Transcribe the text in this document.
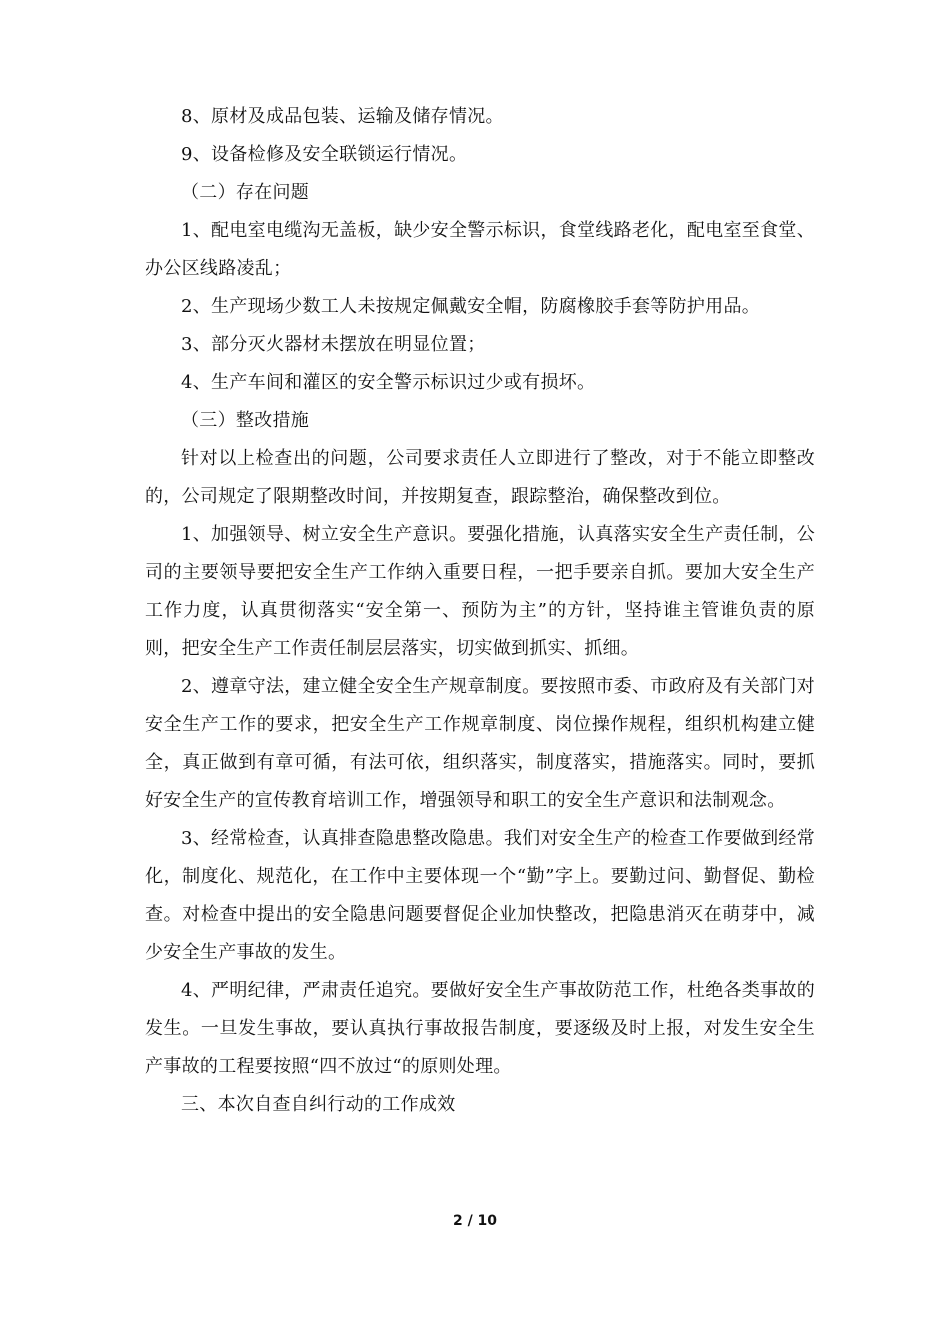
8、原材及成品包装、运输及储存情况。

9、设备检修及安全联锁运行情况。

（二）存在问题

1、配电室电缆沟无盖板，缺少安全警示标识，食堂线路老化，配电室至食堂、办公区线路凌乱；

2、生产现场少数工人未按规定佩戴安全帽，防腐橡胶手套等防护用品。

3、部分灭火器材未摆放在明显位置；

4、生产车间和灌区的安全警示标识过少或有损坏。

（三）整改措施

针对以上检查出的问题，公司要求责任人立即进行了整改，对于不能立即整改的，公司规定了限期整改时间，并按期复查，跟踪整治，确保整改到位。

1、加强领导、树立安全生产意识。要强化措施，认真落实安全生产责任制，公司的主要领导要把安全生产工作纳入重要日程，一把手要亲自抓。要加大安全生产工作力度，认真贯彻落实“安全第一、预防为主”的方针，坚持谁主管谁负责的原则，把安全生产工作责任制层层落实，切实做到抓实、抓细。

2、遵章守法，建立健全安全生产规章制度。要按照市委、市政府及有关部门对安全生产工作的要求，把安全生产工作规章制度、岗位操作规程，组织机构建立健全，真正做到有章可循，有法可依，组织落实，制度落实，措施落实。同时，要抓好安全生产的宣传教育培训工作，增强领导和职工的安全生产意识和法制观念。

3、经常检查，认真排查隐患整改隐患。我们对安全生产的检查工作要做到经常化，制度化、规范化，在工作中主要体现一个“勤”字上。要勤过问、勤督促、勤检查。对检查中提出的安全隐患问题要督促企业加快整改，把隐患消灭在萌芽中，减少安全生产事故的发生。

4、严明纪律，严肃责任追究。要做好安全生产事故防范工作，杜绝各类事故的发生。一旦发生事故，要认真执行事故报告制度，要逐级及时上报，对发生安全生产事故的工程要按照“四不放过“的原则处理。

三、本次自查自纠行动的工作成效

2 / 10
